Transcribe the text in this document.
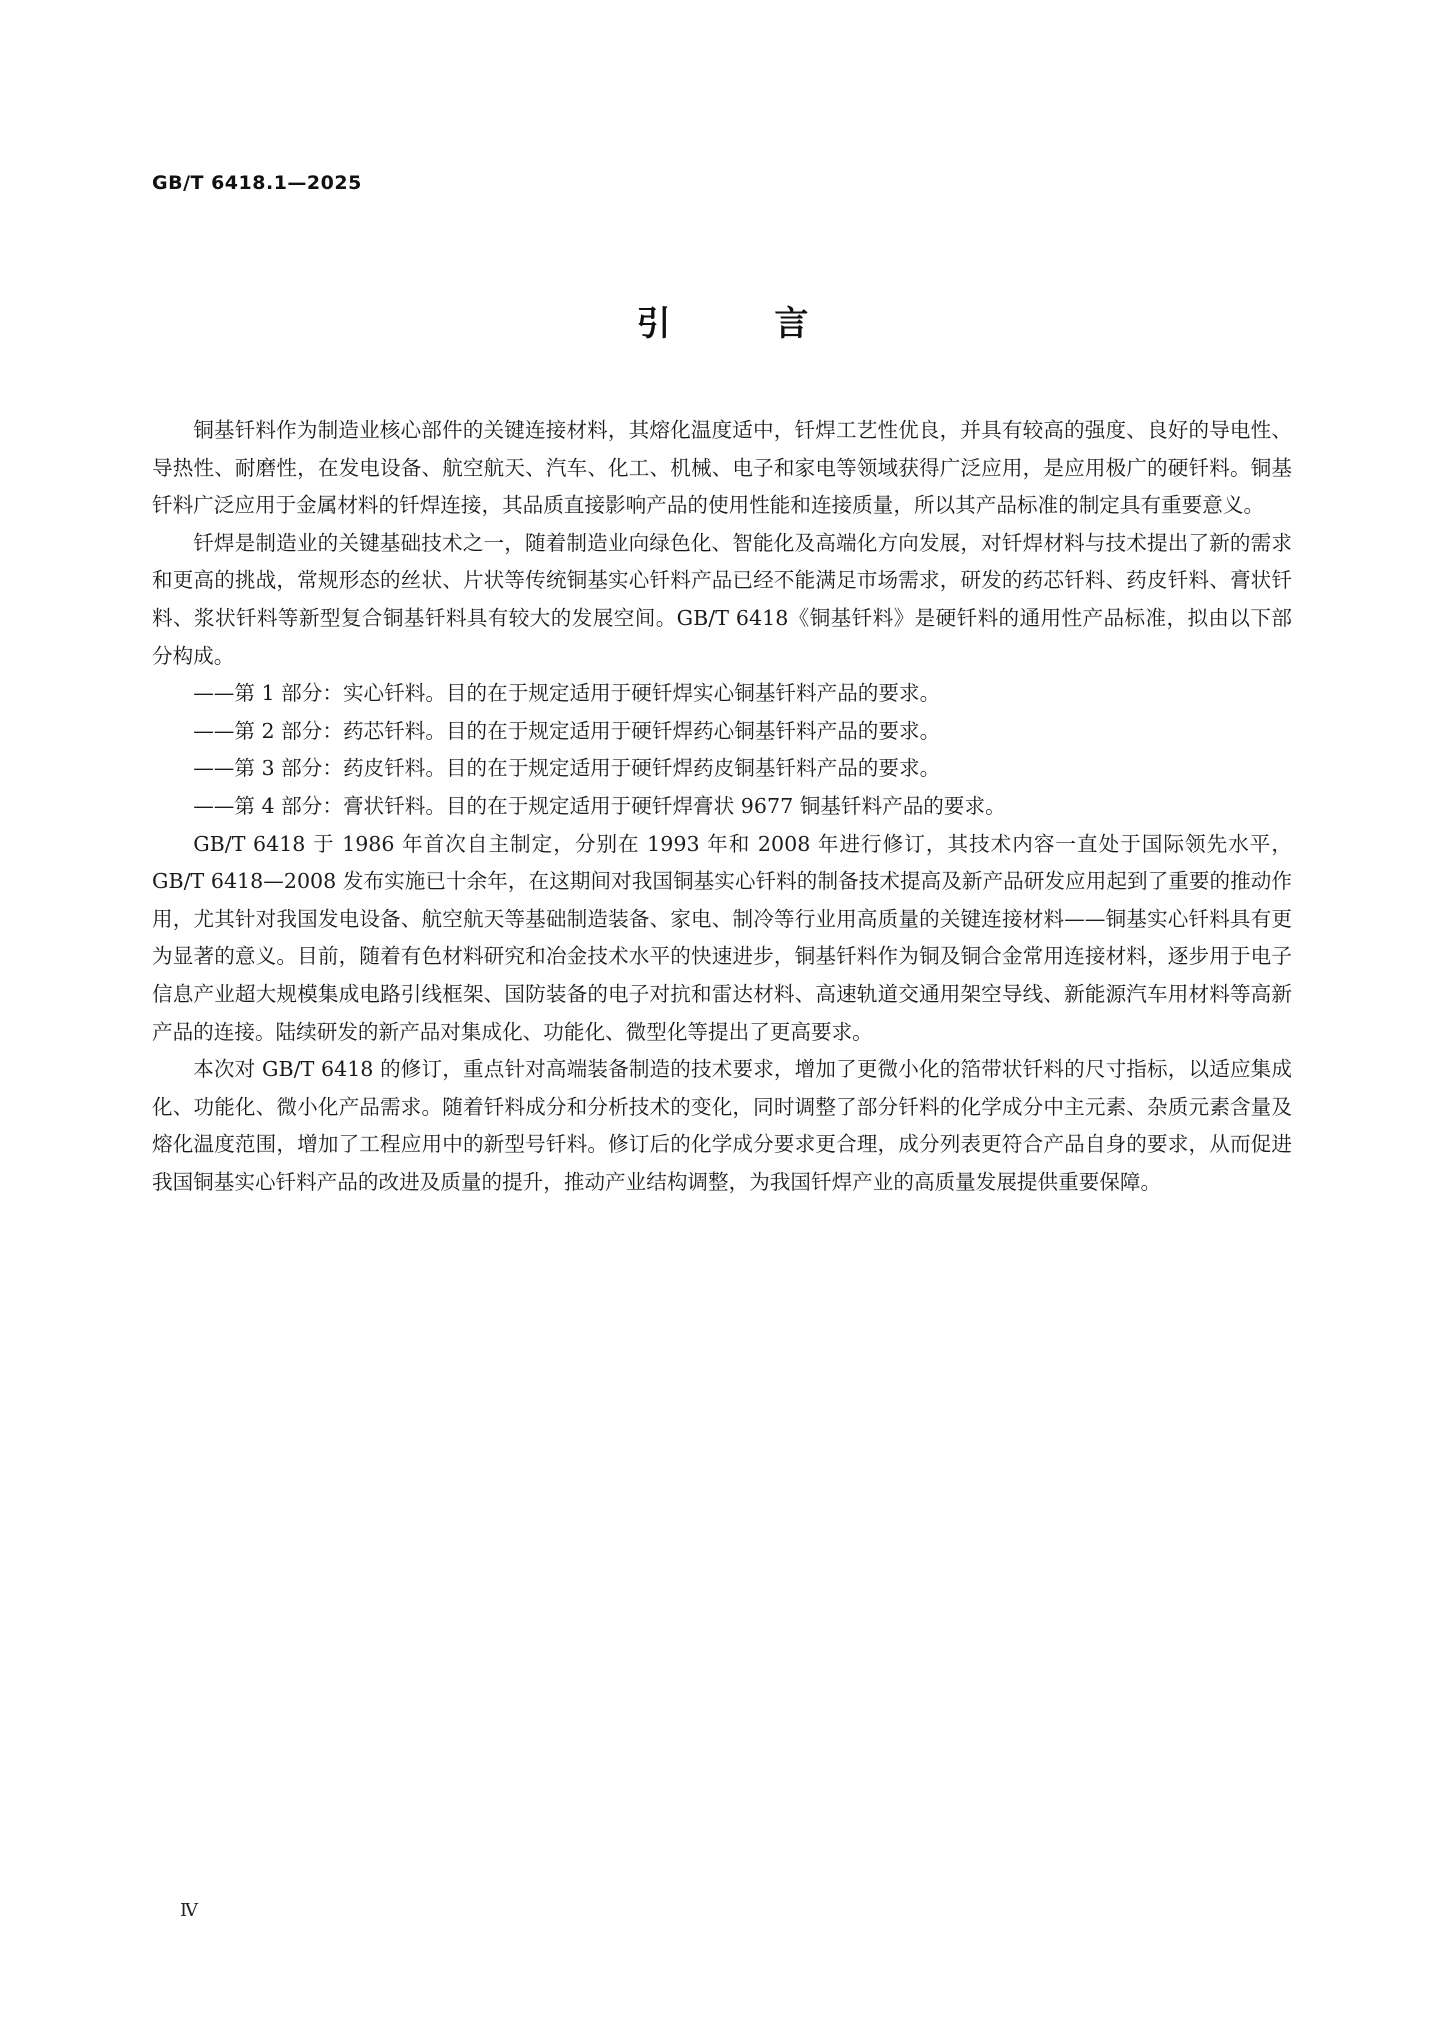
GB/T 6418.1—2025
引 言

铜基钎料作为制造业核心部件的关键连接材料，其熔化温度适中，钎焊工艺性优良，并具有较高的强度、良好的导电性、导热性、耐磨性，在发电设备、航空航天、汽车、化工、机械、电子和家电等领域获得广泛应用，是应用极广的硬钎料。铜基钎料广泛应用于金属材料的钎焊连接，其品质直接影响产品的使用性能和连接质量，所以其产品标准的制定具有重要意义。

钎焊是制造业的关键基础技术之一，随着制造业向绿色化、智能化及高端化方向发展，对钎焊材料与技术提出了新的需求和更高的挑战，常规形态的丝状、片状等传统铜基实心钎料产品已经不能满足市场需求，研发的药芯钎料、药皮钎料、膏状钎料、浆状钎料等新型复合铜基钎料具有较大的发展空间。GB/T 6418《铜基钎料》是硬钎料的通用性产品标准，拟由以下部分构成。

——第 1 部分：实心钎料。目的在于规定适用于硬钎焊实心铜基钎料产品的要求。

——第 2 部分：药芯钎料。目的在于规定适用于硬钎焊药心铜基钎料产品的要求。

——第 3 部分：药皮钎料。目的在于规定适用于硬钎焊药皮铜基钎料产品的要求。

——第 4 部分：膏状钎料。目的在于规定适用于硬钎焊膏状 9677 铜基钎料产品的要求。

GB/T 6418 于 1986 年首次自主制定，分别在 1993 年和 2008 年进行修订，其技术内容一直处于国际领先水平，GB/T 6418—2008 发布实施已十余年，在这期间对我国铜基实心钎料的制备技术提高及新产品研发应用起到了重要的推动作用，尤其针对我国发电设备、航空航天等基础制造装备、家电、制冷等行业用高质量的关键连接材料——铜基实心钎料具有更为显著的意义。目前，随着有色材料研究和冶金技术水平的快速进步，铜基钎料作为铜及铜合金常用连接材料，逐步用于电子信息产业超大规模集成电路引线框架、国防装备的电子对抗和雷达材料、高速轨道交通用架空导线、新能源汽车用材料等高新产品的连接。陆续研发的新产品对集成化、功能化、微型化等提出了更高要求。

本次对 GB/T 6418 的修订，重点针对高端装备制造的技术要求，增加了更微小化的箔带状钎料的尺寸指标，以适应集成化、功能化、微小化产品需求。随着钎料成分和分析技术的变化，同时调整了部分钎料的化学成分中主元素、杂质元素含量及熔化温度范围，增加了工程应用中的新型号钎料。修订后的化学成分要求更合理，成分列表更符合产品自身的要求，从而促进我国铜基实心钎料产品的改进及质量的提升，推动产业结构调整，为我国钎焊产业的高质量发展提供重要保障。

Ⅳ
